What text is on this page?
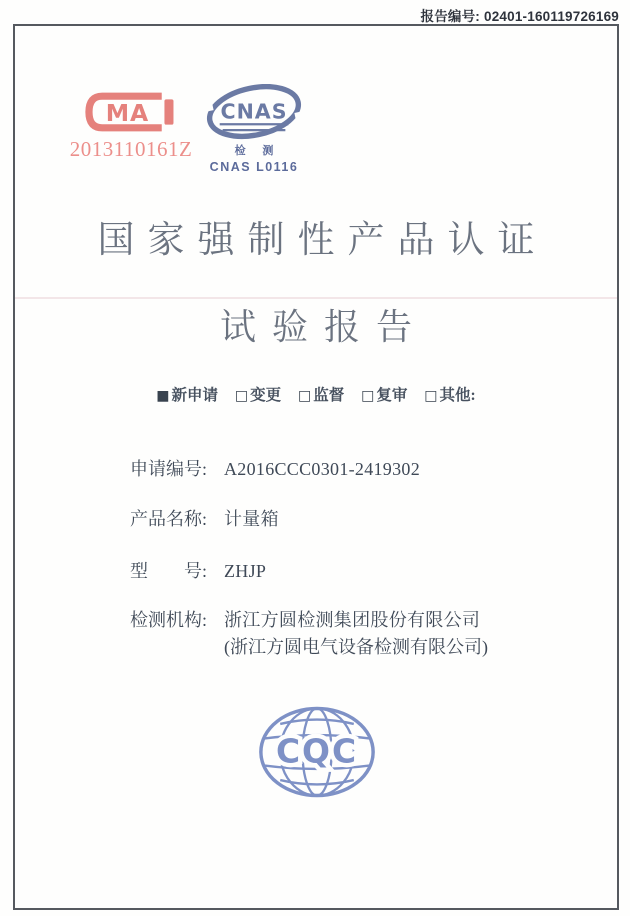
报告编号: 02401-160119726169
MA
2013110161Z
CNAS
检 测
CNAS L0116
国家强制性产品认证
试验报告
■ 新申请 □ 变更 □ 监督 □ 复审 □ 其他:
申请编号: A2016CCC0301-2419302
产品名称: 计量箱
型　　号: ZHJP
检测机构: 浙江方圆检测集团股份有限公司
(浙江方圆电气设备检测有限公司)
CQC
